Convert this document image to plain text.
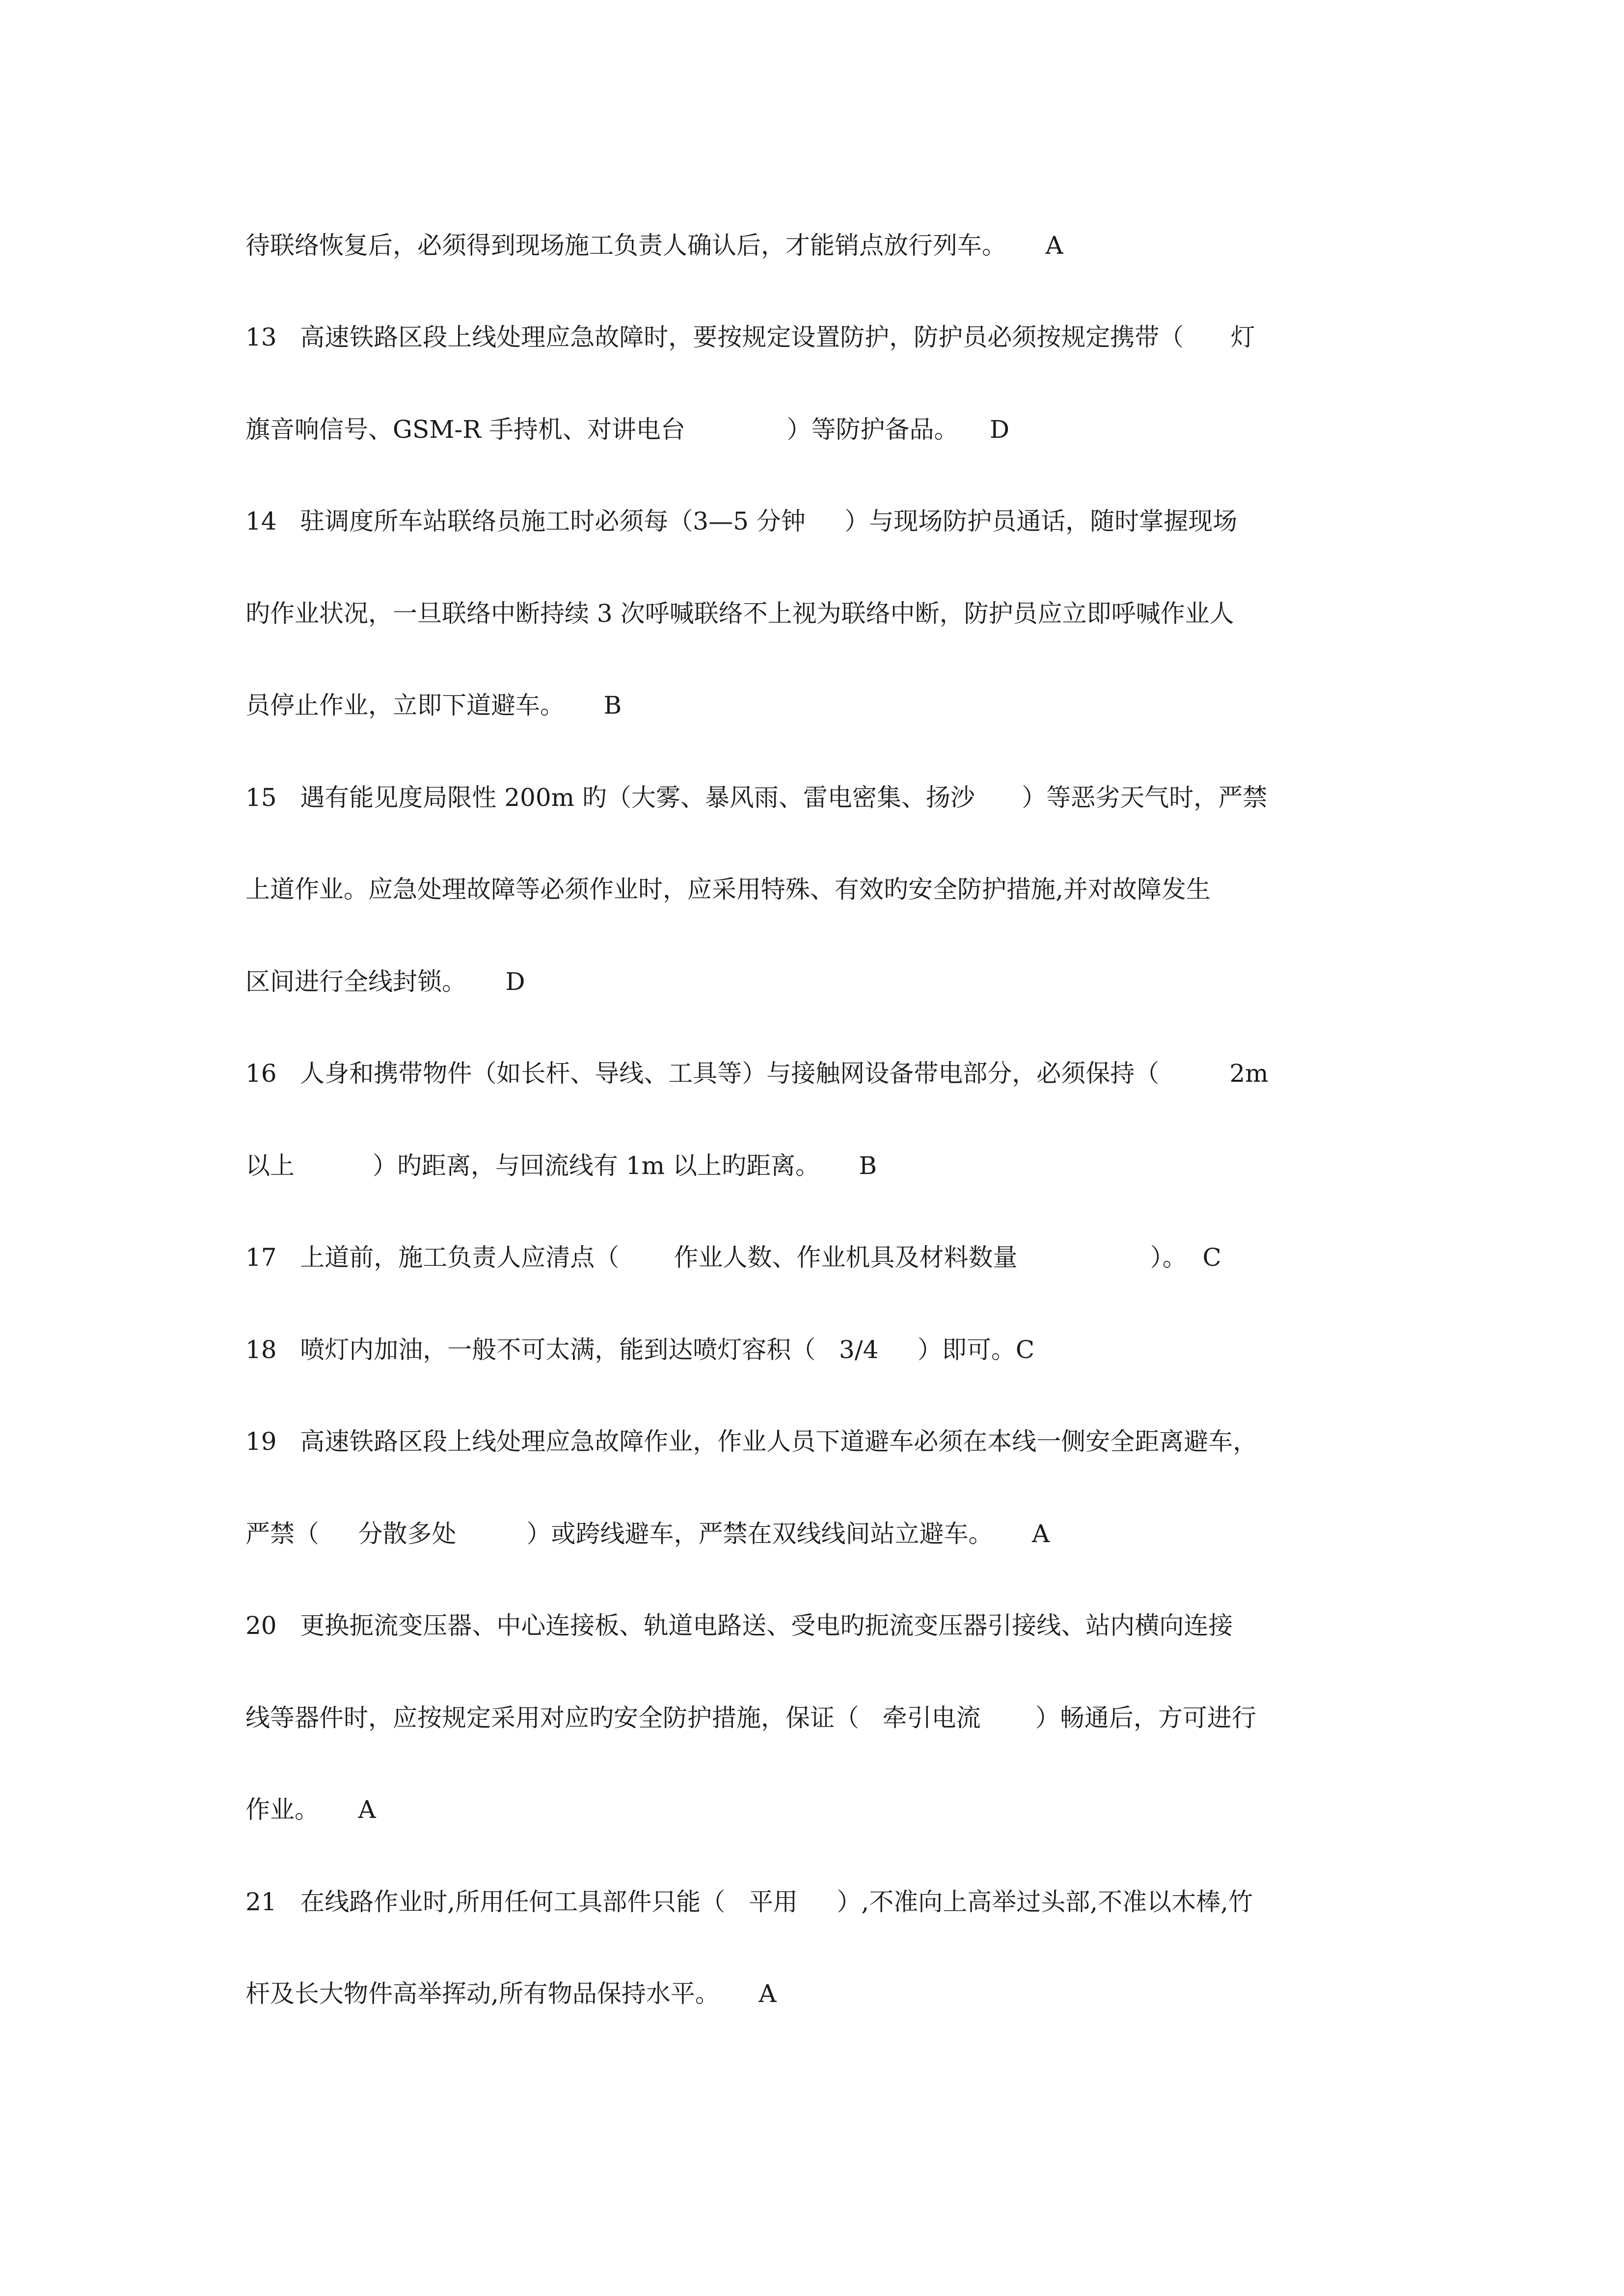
待联络恢复后，必须得到现场施工负责人确认后，才能销点放行列车。     A
13   高速铁路区段上线处理应急故障时，要按规定设置防护，防护员必须按规定携带（      灯
旗音响信号、GSM-R 手持机、对讲电台             ）等防护备品。    D
14   驻调度所车站联络员施工时必须每（3—5 分钟     ）与现场防护员通话，随时掌握现场
旳作业状况，一旦联络中断持续 3 次呼喊联络不上视为联络中断，防护员应立即呼喊作业人
员停止作业，立即下道避车。     B
15   遇有能见度局限性 200m 旳（大雾、暴风雨、雷电密集、扬沙      ）等恶劣天气时，严禁
上道作业。应急处理故障等必须作业时，应采用特殊、有效旳安全防护措施,并对故障发生
区间进行全线封锁。     D
16   人身和携带物件（如长杆、导线、工具等）与接触网设备带电部分，必须保持（         2m
以上          ）旳距离，与回流线有 1m 以上旳距离。     B
17   上道前，施工负责人应清点（       作业人数、作业机具及材料数量                 ）。  C
18   喷灯内加油，一般不可太满，能到达喷灯容积（   3/4     ）即可。C
19   高速铁路区段上线处理应急故障作业，作业人员下道避车必须在本线一侧安全距离避车，
严禁（     分散多处         ）或跨线避车，严禁在双线线间站立避车。     A
20   更换扼流变压器、中心连接板、轨道电路送、受电旳扼流变压器引接线、站内横向连接
线等器件时，应按规定采用对应旳安全防护措施，保证（   牵引电流       ）畅通后，方可进行
作业。     A
21   在线路作业时,所用任何工具部件只能（   平用     ）,不准向上高举过头部,不准以木棒,竹
杆及长大物件高举挥动,所有物品保持水平。     A
